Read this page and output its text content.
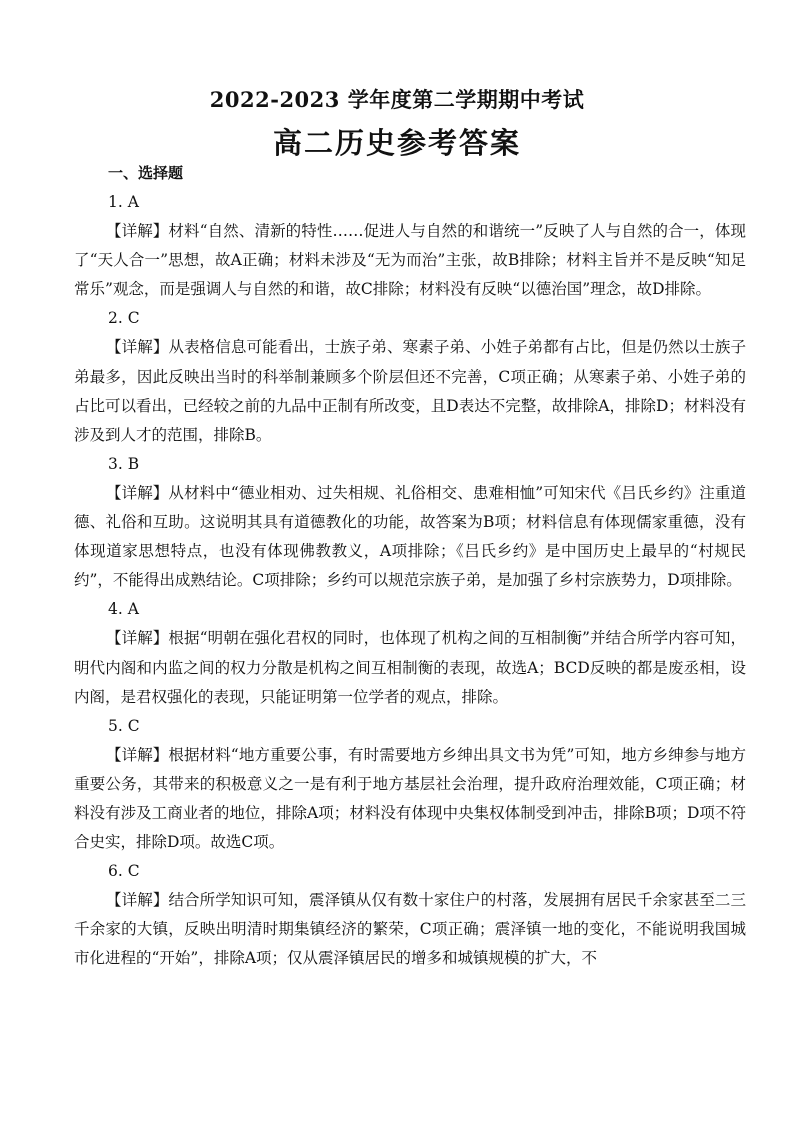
2022-2023 学年度第二学期期中考试
高二历史参考答案
一、选择题
1. A

【详解】材料“自然、清新的特性……促进人与自然的和谐统一”反映了人与自然的合一，体现了“天人合一”思想，故A正确；材料未涉及“无为而治”主张，故B排除；材料主旨并不是反映“知足常乐”观念，而是强调人与自然的和谐，故C排除；材料没有反映“以德治国”理念，故D排除。

2. C

【详解】从表格信息可能看出，士族子弟、寒素子弟、小姓子弟都有占比，但是仍然以士族子弟最多，因此反映出当时的科举制兼顾多个阶层但还不完善，C项正确；从寒素子弟、小姓子弟的占比可以看出，已经较之前的九品中正制有所改变，且D表达不完整，故排除A，排除D；材料没有涉及到人才的范围，排除B。

3. B

【详解】从材料中“德业相劝、过失相规、礼俗相交、患难相恤”可知宋代《吕氏乡约》注重道德、礼俗和互助。这说明其具有道德教化的功能，故答案为B项；材料信息有体现儒家重德，没有体现道家思想特点，也没有体现佛教教义，A项排除；《吕氏乡约》是中国历史上最早的“村规民约”，不能得出成熟结论。C项排除；乡约可以规范宗族子弟，是加强了乡村宗族势力，D项排除。

4. A

【详解】根据“明朝在强化君权的同时，也体现了机构之间的互相制衡”并结合所学内容可知，明代内阁和内监之间的权力分散是机构之间互相制衡的表现，故选A；BCD反映的都是废丞相，设内阁，是君权强化的表现，只能证明第一位学者的观点，排除。

5. C

【详解】根据材料“地方重要公事，有时需要地方乡绅出具文书为凭”可知，地方乡绅参与地方重要公务，其带来的积极意义之一是有利于地方基层社会治理，提升政府治理效能，C项正确；材料没有涉及工商业者的地位，排除A项；材料没有体现中央集权体制受到冲击，排除B项；D项不符合史实，排除D项。故选C项。

6. C

【详解】结合所学知识可知，震泽镇从仅有数十家住户的村落，发展拥有居民千余家甚至二三千余家的大镇，反映出明清时期集镇经济的繁荣，C项正确；震泽镇一地的变化，不能说明我国城市化进程的“开始”，排除A项；仅从震泽镇居民的增多和城镇规模的扩大，不
